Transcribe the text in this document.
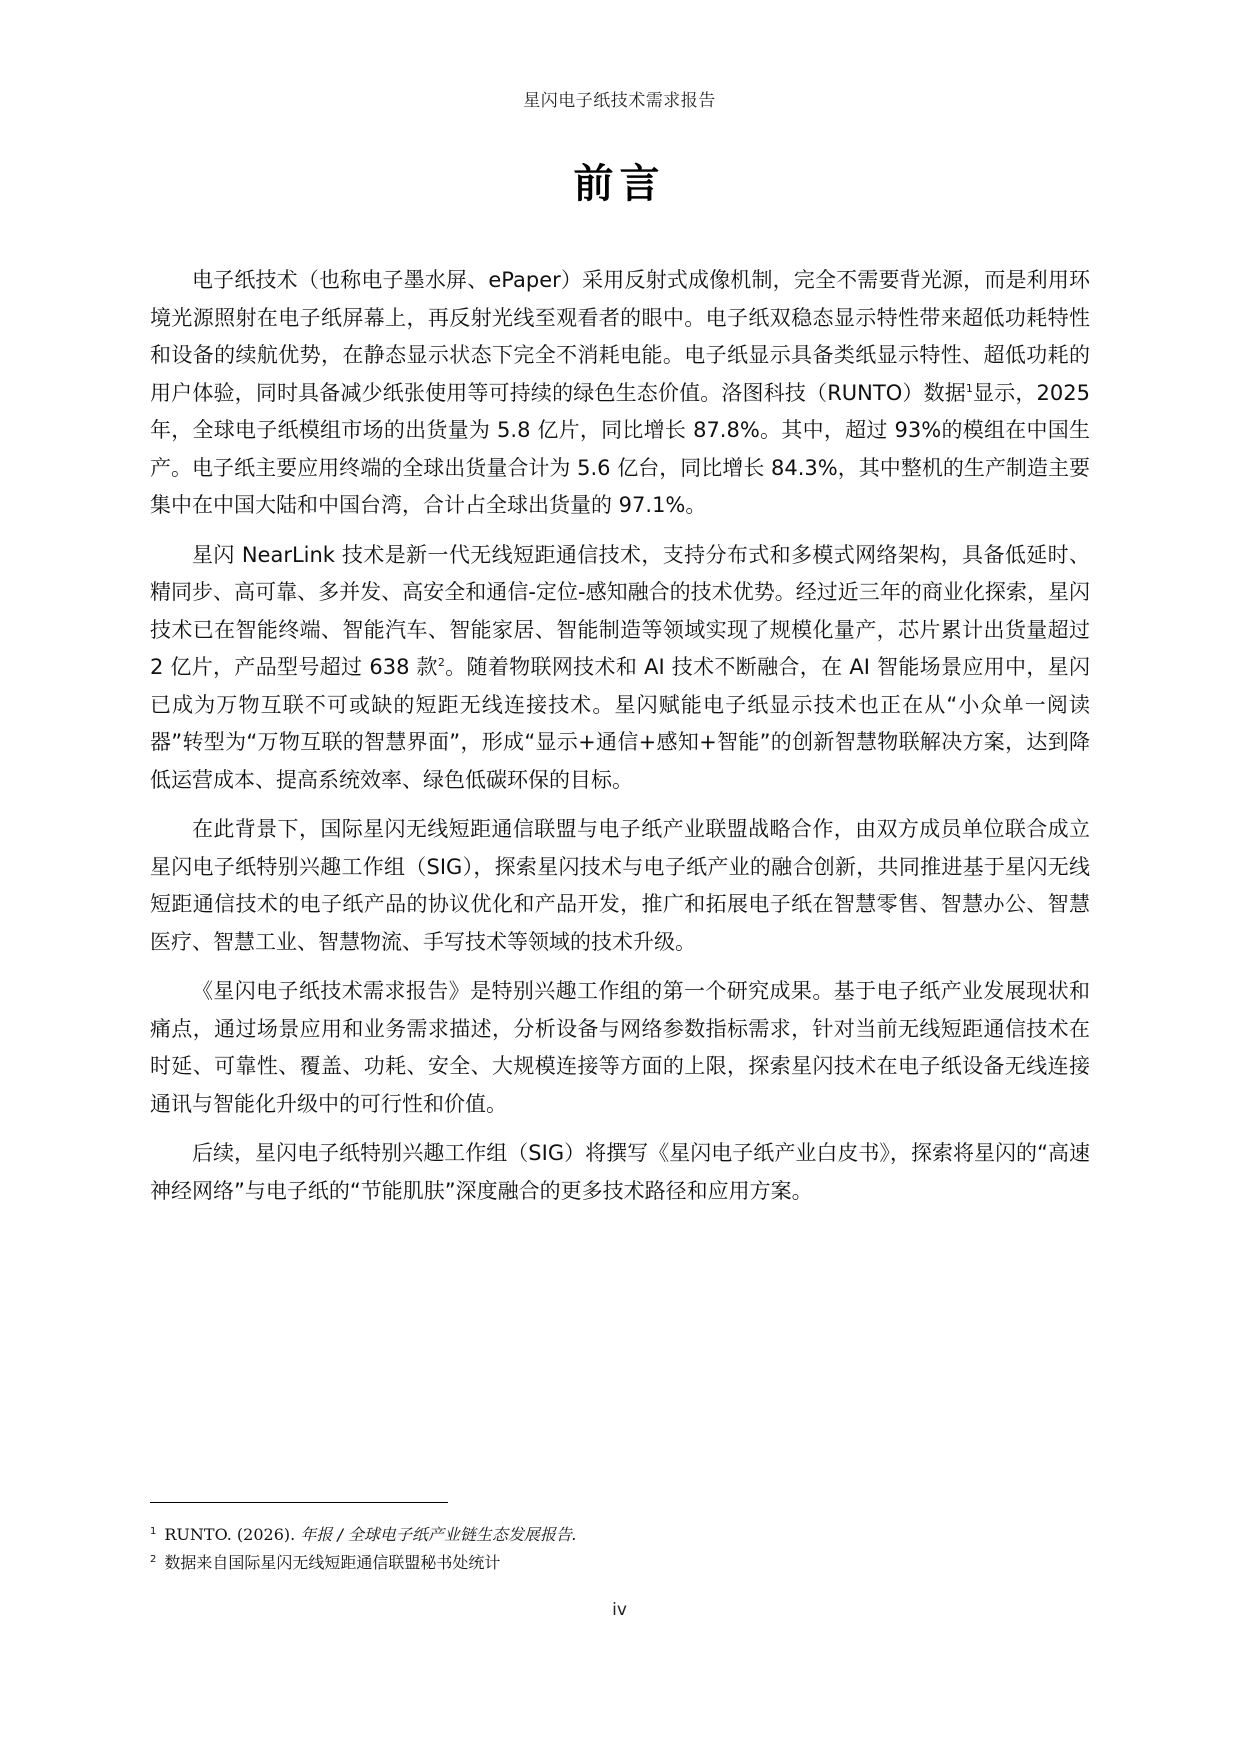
星闪电子纸技术需求报告
前言

电子纸技术（也称电子墨水屏、ePaper）采用反射式成像机制，完全不需要背光源，而是利用环境光源照射在电子纸屏幕上，再反射光线至观看者的眼中。电子纸双稳态显示特性带来超低功耗特性和设备的续航优势，在静态显示状态下完全不消耗电能。电子纸显示具备类纸显示特性、超低功耗的用户体验，同时具备减少纸张使用等可持续的绿色生态价值。洛图科技（RUNTO）数据$^1$显示，2025 年，全球电子纸模组市场的出货量为 5.8 亿片，同比增长 87.8%。其中，超过 93%的模组在中国生产。电子纸主要应用终端的全球出货量合计为 5.6 亿台，同比增长 84.3%，其中整机的生产制造主要集中在中国大陆和中国台湾，合计占全球出货量的 97.1%。

星闪 NearLink 技术是新一代无线短距通信技术，支持分布式和多模式网络架构，具备低延时、精同步、高可靠、多并发、高安全和通信-定位-感知融合的技术优势。经过近三年的商业化探索，星闪技术已在智能终端、智能汽车、智能家居、智能制造等领域实现了规模化量产，芯片累计出货量超过 2 亿片，产品型号超过 638 款$^2$。随着物联网技术和 AI 技术不断融合，在 AI 智能场景应用中，星闪已成为万物互联不可或缺的短距无线连接技术。星闪赋能电子纸显示技术也正在从“小众单一阅读器”转型为“万物互联的智慧界面”，形成“显示+通信+感知+智能”的创新智慧物联解决方案，达到降低运营成本、提高系统效率、绿色低碳环保的目标。

在此背景下，国际星闪无线短距通信联盟与电子纸产业联盟战略合作，由双方成员单位联合成立星闪电子纸特别兴趣工作组（SIG），探索星闪技术与电子纸产业的融合创新，共同推进基于星闪无线短距通信技术的电子纸产品的协议优化和产品开发，推广和拓展电子纸在智慧零售、智慧办公、智慧医疗、智慧工业、智慧物流、手写技术等领域的技术升级。

《星闪电子纸技术需求报告》是特别兴趣工作组的第一个研究成果。基于电子纸产业发展现状和痛点，通过场景应用和业务需求描述，分析设备与网络参数指标需求，针对当前无线短距通信技术在时延、可靠性、覆盖、功耗、安全、大规模连接等方面的上限，探索星闪技术在电子纸设备无线连接通讯与智能化升级中的可行性和价值。

后续，星闪电子纸特别兴趣工作组（SIG）将撰写《星闪电子纸产业白皮书》，探索将星闪的“高速神经网络”与电子纸的“节能肌肤”深度融合的更多技术路径和应用方案。

$^1$ RUNTO. (2026). 年报 / 全球电子纸产业链生态发展报告.

$^2$ 数据来自国际星闪无线短距通信联盟秘书处统计

iv
